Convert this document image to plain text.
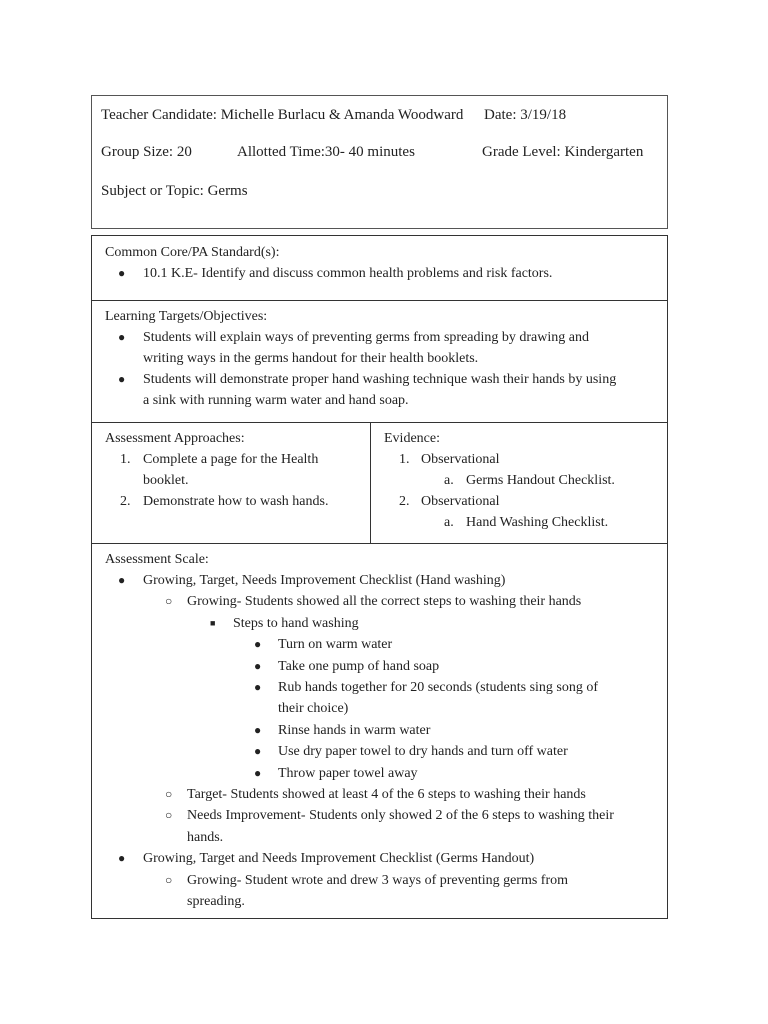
Teacher Candidate: Michelle Burlacu & Amanda Woodward Date: 3/19/18
Group Size: 20	Allotted Time:30- 40 minutes	Grade Level: Kindergarten
Subject or Topic: Germs
Common Core/PA Standard(s):
● 10.1 K.E- Identify and discuss common health problems and risk factors.
Learning Targets/Objectives:
● Students will explain ways of preventing germs from spreading by drawing and
writing ways in the germs handout for their health booklets.
● Students will demonstrate proper hand washing technique wash their hands by using
a sink with running warm water and hand soap.
Assessment Approaches:
1. Complete a page for the Health
booklet.
2. Demonstrate how to wash hands.
Evidence:
1. Observational
a. Germs Handout Checklist.
2. Observational
a. Hand Washing Checklist.
Assessment Scale:
● Growing, Target, Needs Improvement Checklist (Hand washing)
○ Growing- Students showed all the correct steps to washing their hands
■ Steps to hand washing
● Turn on warm water
● Take one pump of hand soap
● Rub hands together for 20 seconds (students sing song of
their choice)
● Rinse hands in warm water
● Use dry paper towel to dry hands and turn off water
● Throw paper towel away
○ Target- Students showed at least 4 of the 6 steps to washing their hands
○ Needs Improvement- Students only showed 2 of the 6 steps to washing their
hands.
● Growing, Target and Needs Improvement Checklist (Germs Handout)
○ Growing- Student wrote and drew 3 ways of preventing germs from
spreading.
